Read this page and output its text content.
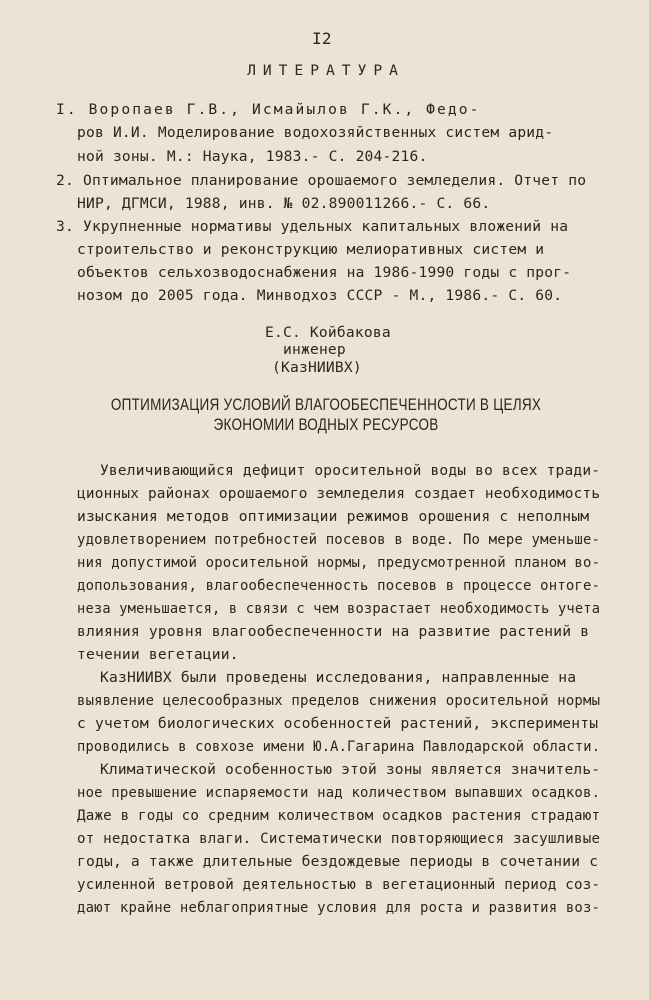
I2
ЛИТЕРАТУРА
I. Воропаев Г.В., Исмайылов Г.К., Федо-
ров И.И. Моделирование водохозяйственных систем арид-
ной зоны. М.: Наука, 1983.- С. 204-216.
2. Оптимальное планирование орошаемого земледелия. Отчет по
НИР, ДГМСИ, 1988, инв. № 02.890011266.- С. 66.
3. Укрупненные нормативы удельных капитальных вложений на
строительство и реконструкцию мелиоративных систем и
объектов сельхозводоснабжения на 1986-1990 годы с прог-
нозом до 2005 года. Минводхоз СССР - М., 1986.- С. 60.
Е.С. Койбакова
инженер
(КазНИИВХ)
ОПТИМИЗАЦИЯ УСЛОВИЙ ВЛАГООБЕСПЕЧЕННОСТИ В ЦЕЛЯХ
ЭКОНОМИИ ВОДНЫХ РЕСУРСОВ
Увеличивающийся дефицит оросительной воды во всех тради-
ционных районах орошаемого земледелия создает необходимость
изыскания методов оптимизации режимов орошения с неполным
удовлетворением потребностей посевов в воде. По мере уменьше-
ния допустимой оросительной нормы, предусмотренной планом во-
допользования, влагообеспеченность посевов в процессе онтоге-
неза уменьшается, в связи с чем возрастает необходимость учета
влияния уровня влагообеспеченности на развитие растений в
течении вегетации.
КазНИИВХ были проведены исследования, направленные на
выявление целесообразных пределов снижения оросительной нормы
с учетом биологических особенностей растений, эксперименты
проводились в совхозе имени Ю.А.Гагарина Павлодарской области.
Климатической особенностью этой зоны является значитель-
ное превышение испаряемости над количеством выпавших осадков.
Даже в годы со средним количеством осадков растения страдают
от недостатка влаги. Систематически повторяющиеся засушливые
годы, а также длительные бездождевые периоды в сочетании с
усиленной ветровой деятельностью в вегетационный период соз-
дают крайне неблагоприятные условия для роста и развития воз-
